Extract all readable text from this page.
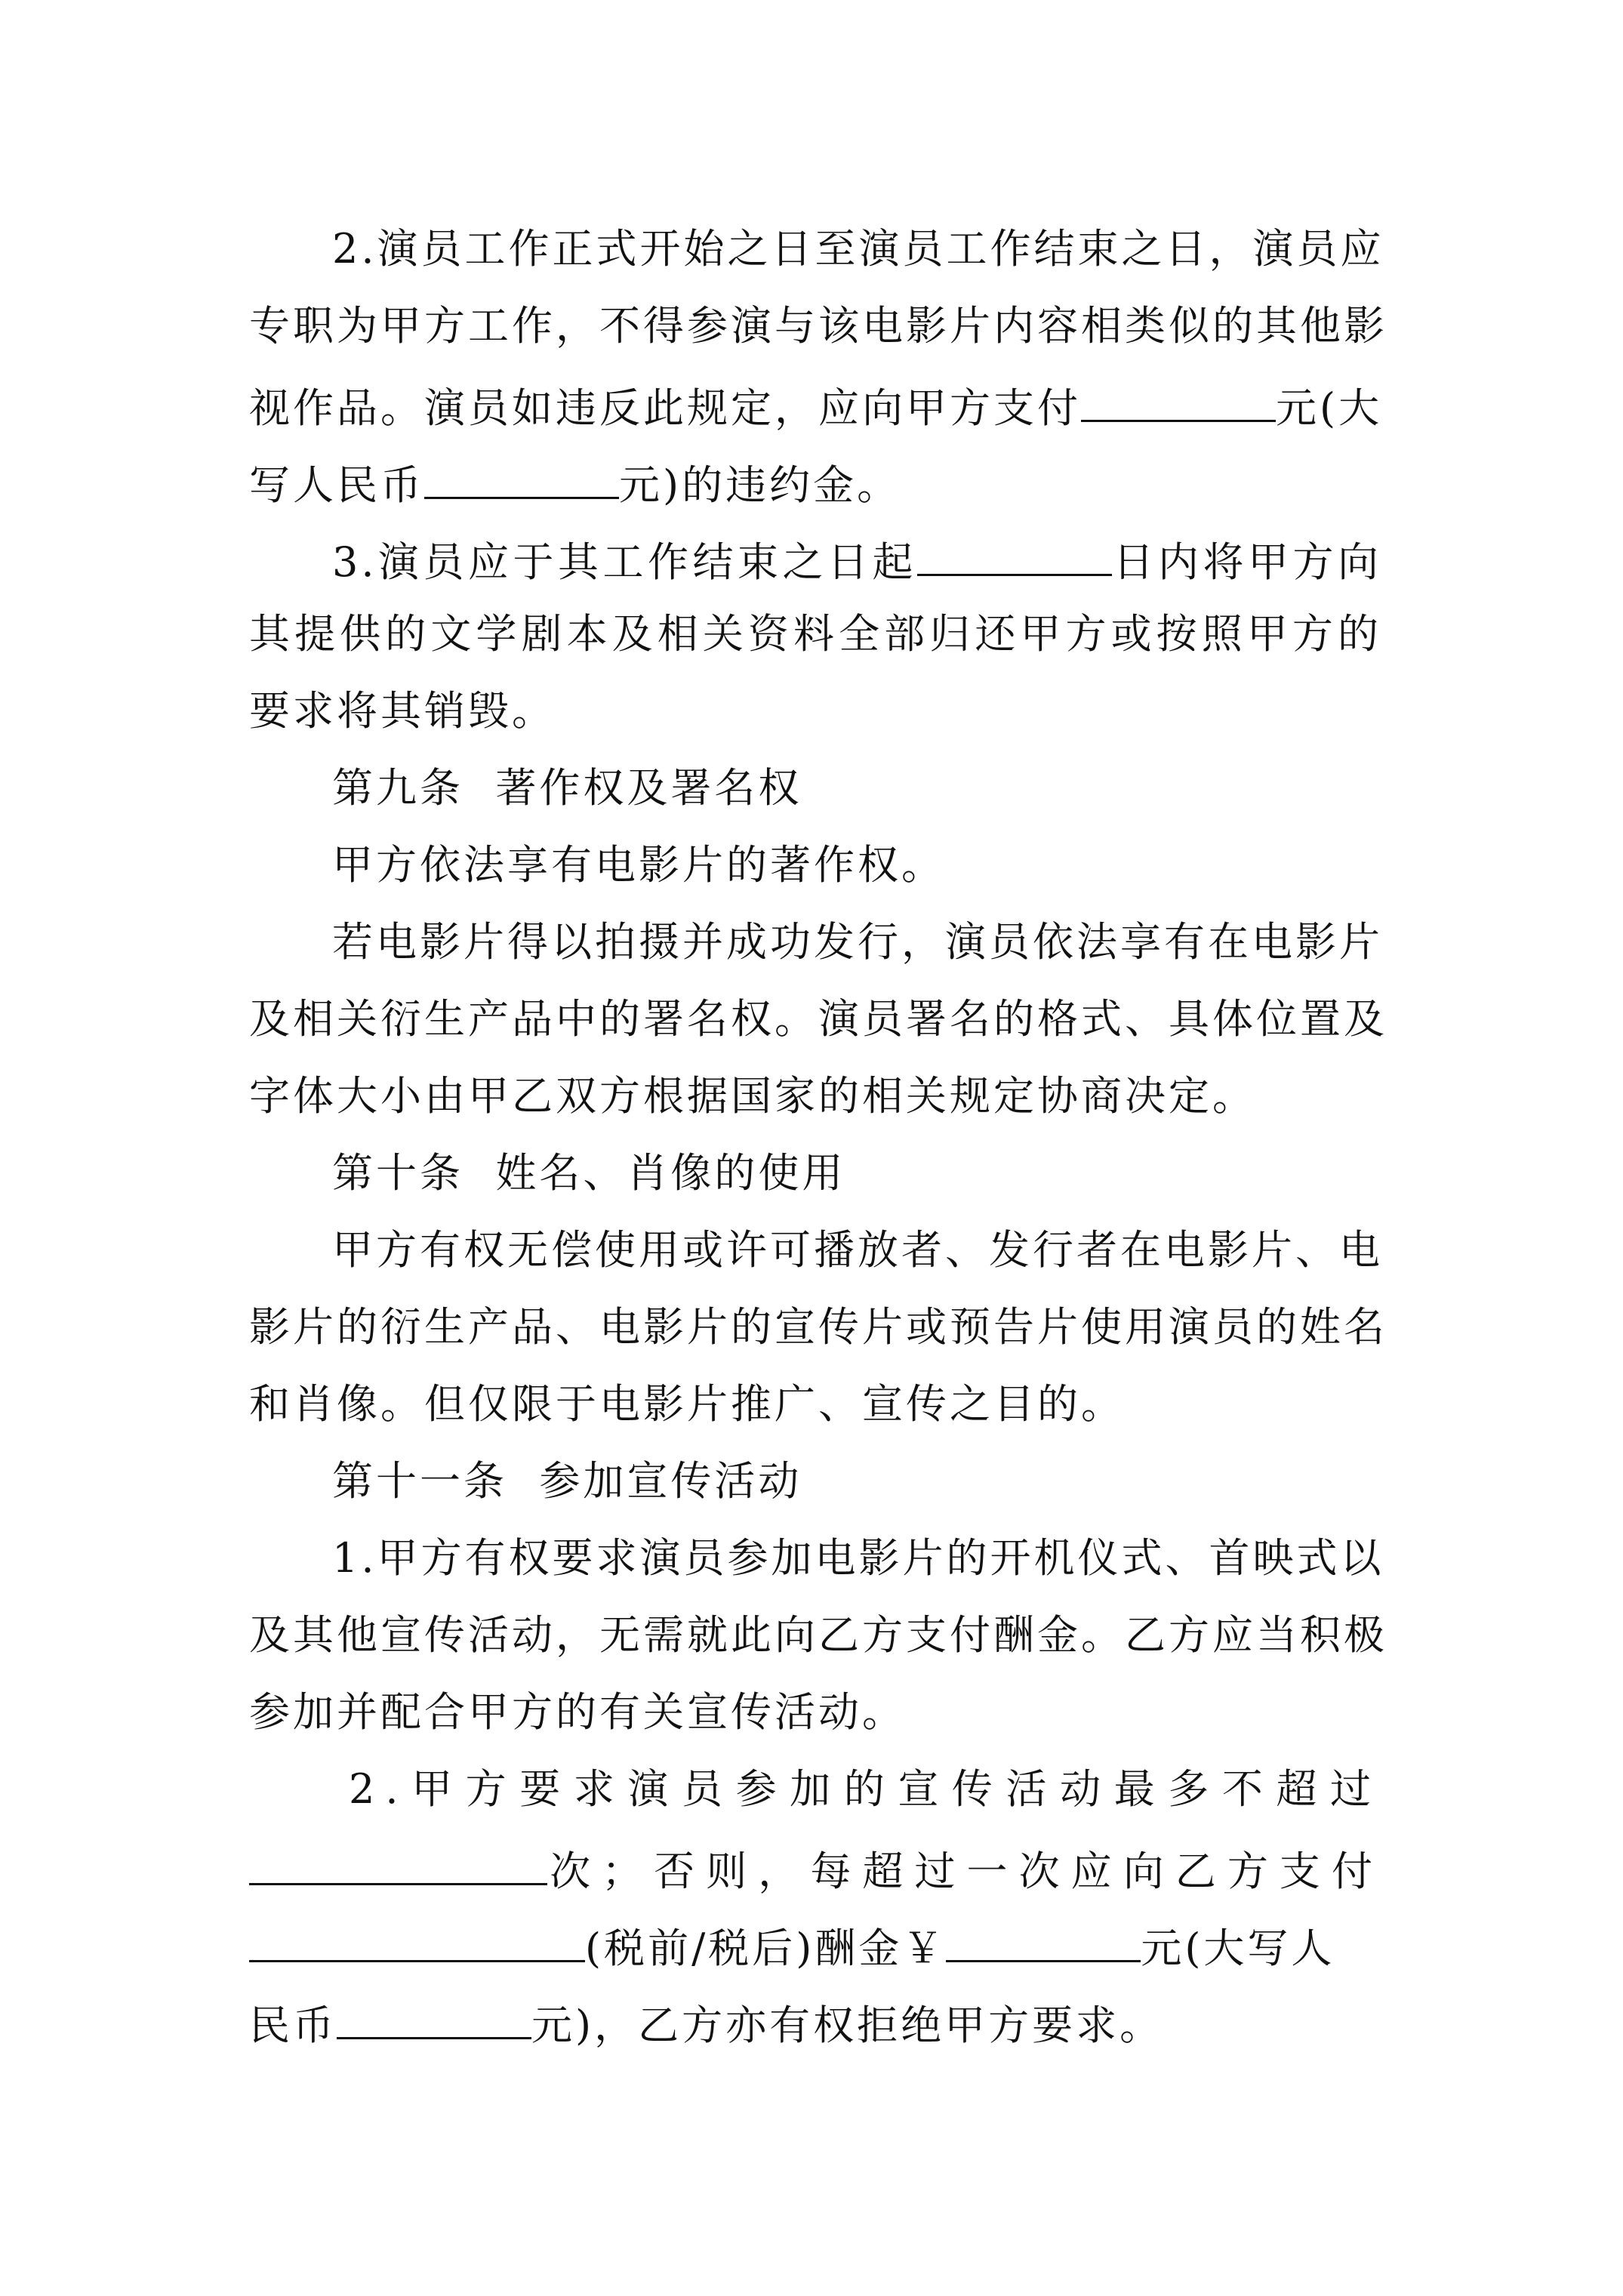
2.演员工作正式开始之日至演员工作结束之日，演员应
专职为甲方工作，不得参演与该电影片内容相类似的其他影
视作品。演员如违反此规定，应向甲方支付	元(大
写人民币	元)的违约金。
3.演员应于其工作结束之日起	日内将甲方向
其提供的文学剧本及相关资料全部归还甲方或按照甲方的
要求将其销毁。
第九条  著作权及署名权
甲方依法享有电影片的著作权。
若电影片得以拍摄并成功发行，演员依法享有在电影片
及相关衍生产品中的署名权。演员署名的格式、具体位置及
字体大小由甲乙双方根据国家的相关规定协商决定。
第十条  姓名、肖像的使用
甲方有权无偿使用或许可播放者、发行者在电影片、电
影片的衍生产品、电影片的宣传片或预告片使用演员的姓名
和肖像。但仅限于电影片推广、宣传之目的。
第十一条  参加宣传活动
1.甲方有权要求演员参加电影片的开机仪式、首映式以
及其他宣传活动，无需就此向乙方支付酬金。乙方应当积极
参加并配合甲方的有关宣传活动。
2.甲方要求演员参加的宣传活动最多不超过
次；否则，每超过一次应向乙方支付
(税前/税后)酬金￥	元(大写人
民币	元)，乙方亦有权拒绝甲方要求。
